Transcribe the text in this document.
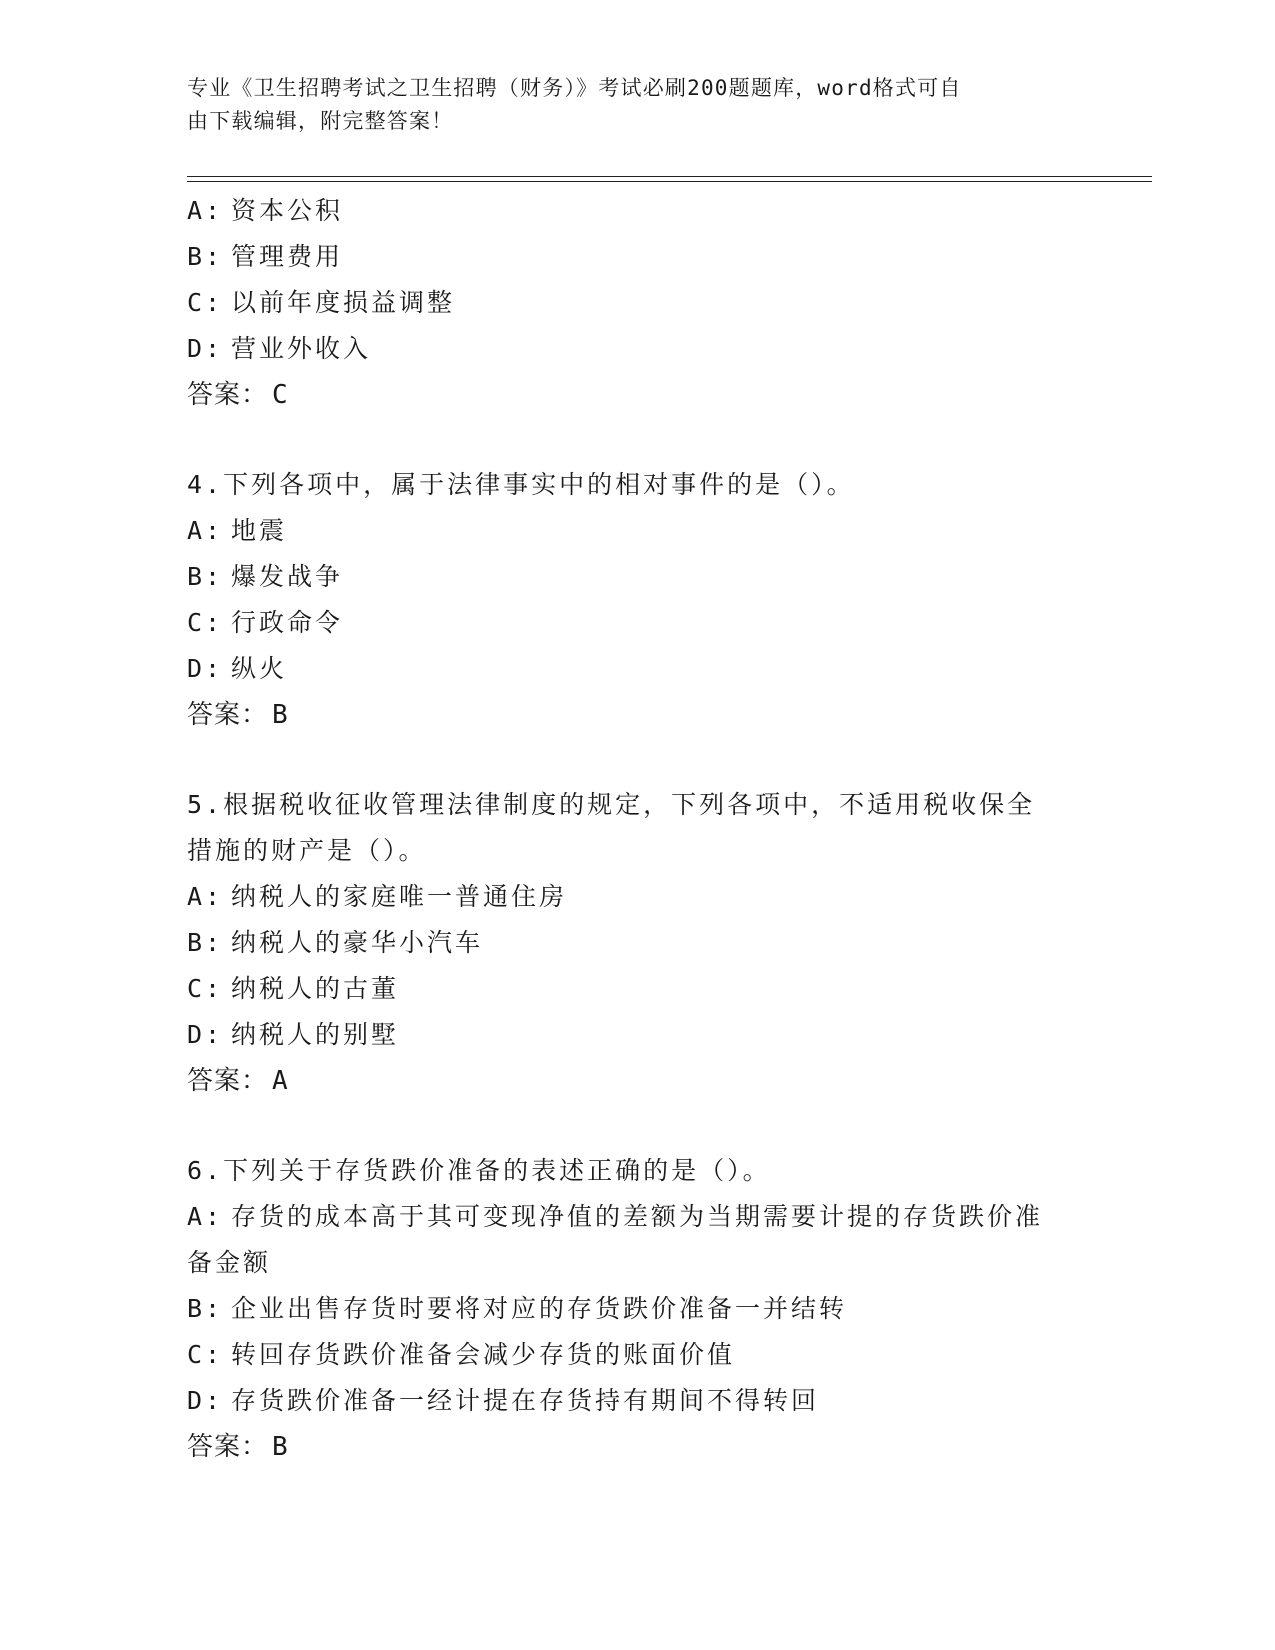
专业《卫生招聘考试之卫生招聘（财务）》考试必刷200题题库，word格式可自
由下载编辑，附完整答案！
A: 资本公积
B: 管理费用
C: 以前年度损益调整
D: 营业外收入
答案： C
4.下列各项中，属于法律事实中的相对事件的是（）。
A: 地震
B: 爆发战争
C: 行政命令
D: 纵火
答案： B
5.根据税收征收管理法律制度的规定，下列各项中，不适用税收保全
措施的财产是（）。
A: 纳税人的家庭唯一普通住房
B: 纳税人的豪华小汽车
C: 纳税人的古董
D: 纳税人的别墅
答案： A
6.下列关于存货跌价准备的表述正确的是（）。
A: 存货的成本高于其可变现净值的差额为当期需要计提的存货跌价准
备金额
B: 企业出售存货时要将对应的存货跌价准备一并结转
C: 转回存货跌价准备会减少存货的账面价值
D: 存货跌价准备一经计提在存货持有期间不得转回
答案： B
